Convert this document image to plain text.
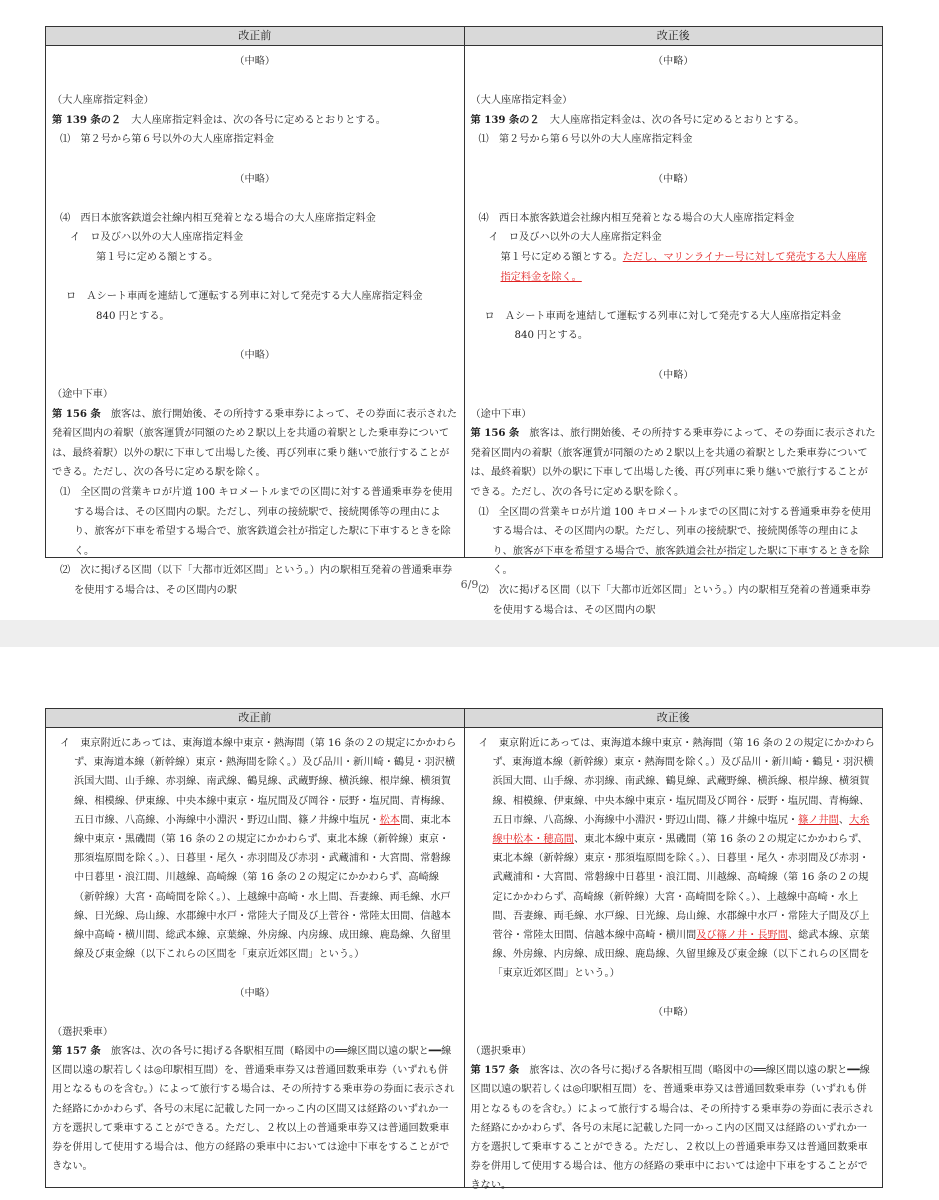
改正前	改正後
（中略）
（大人座席指定料金）
第 139 条の２　 大人座席指定料金は、次の各号に定めるとおりとする。
⑴　第２号から第６号以外の大人座席指定料金
（中略）
⑷　西日本旅客鉄道会社線内相互発着となる場合の大人座席指定料金
イ　ロ及びハ以外の大人座席指定料金
第１号に定める額とする。
ロ　Ａシート車両を連結して運転する列車に対して発売する大人座席指定料金
840 円とする。
（中略）
（途中下車）
第 156 条　 旅客は、旅行開始後、その所持する乗車券によって、その券面に表示された発着区間内の着駅（旅客運賃が同額のため２駅以上を共通の着駅とした乗車券については、最終着駅）以外の駅に下車して出場した後、再び列車に乗り継いで旅行することができる。ただし、次の各号に定める駅を除く。
⑴　全区間の営業キロが片道 100 キロメートルまでの区間に対する普通乗車券を使用する場合は、その区間内の駅。ただし、列車の接続駅で、接続関係等の理由により、旅客が下車を希望する場合で、旅客鉄道会社が指定した駅に下車するときを除く。
⑵　次に掲げる区間（以下「大都市近郊区間」という。）内の駅相互発着の普通乗車券を使用する場合は、その区間内の駅
（中略）
（大人座席指定料金）
第 139 条の２　 大人座席指定料金は、次の各号に定めるとおりとする。
⑴　第２号から第６号以外の大人座席指定料金
（中略）
⑷　西日本旅客鉄道会社線内相互発着となる場合の大人座席指定料金
イ　ロ及びハ以外の大人座席指定料金
第１号に定める額とする。ただし、マリンライナー号に対して発売する大人座席指定料金を除く。
ロ　Ａシート車両を連結して運転する列車に対して発売する大人座席指定料金
840 円とする。
（中略）
（途中下車）
第 156 条　 旅客は、旅行開始後、その所持する乗車券によって、その券面に表示された発着区間内の着駅（旅客運賃が同額のため２駅以上を共通の着駅とした乗車券については、最終着駅）以外の駅に下車して出場した後、再び列車に乗り継いで旅行することができる。ただし、次の各号に定める駅を除く。
⑴　全区間の営業キロが片道 100 キロメートルまでの区間に対する普通乗車券を使用する場合は、その区間内の駅。ただし、列車の接続駅で、接続関係等の理由により、旅客が下車を希望する場合で、旅客鉄道会社が指定した駅に下車するときを除く。
⑵　次に掲げる区間（以下「大都市近郊区間」という。）内の駅相互発着の普通乗車券を使用する場合は、その区間内の駅
6/9
改正前	改正後
イ　東京附近にあっては、東海道本線中東京・熱海間（第 16 条の２の規定にかかわらず、東海道本線（新幹線）東京・熱海間を除く。）及び品川・新川崎・鶴見・羽沢横浜国大間、山手線、赤羽線、南武線、鶴見線、武蔵野線、横浜線、根岸線、横須賀線、相模線、伊東線、中央本線中東京・塩尻間及び岡谷・辰野・塩尻間、青梅線、五日市線、八高線、小海線中小淵沢・野辺山間、篠ノ井線中塩尻・松本間、東北本線中東京・黒磯間（第 16 条の２の規定にかかわらず、東北本線（新幹線）東京・那須塩原間を除く。）、日暮里・尾久・赤羽間及び赤羽・武蔵浦和・大宮間、常磐線中日暮里・浪江間、川越線、高崎線（第 16 条の２の規定にかかわらず、高崎線（新幹線）大宮・高崎間を除く。）、上越線中高崎・水上間、吾妻線、両毛線、水戸線、日光線、烏山線、水郡線中水戸・常陸大子間及び上菅谷・常陸太田間、信越本線中高崎・横川間、総武本線、京葉線、外房線、内房線、成田線、鹿島線、久留里線及び東金線（以下これらの区間を「東京近郊区間」という。）
（中略）
（選択乗車）
第 157 条　 旅客は、次の各号に掲げる各駅相互間（略図中の══線区間以遠の駅と━━線区間以遠の駅若しくは◎印駅相互間）を、普通乗車券又は普通回数乗車券（いずれも併用となるものを含む。）によって旅行する場合は、その所持する乗車券の券面に表示された経路にかかわらず、各号の末尾に記載した同一かっこ内の区間又は経路のいずれか一方を選択して乗車することができる。ただし、２枚以上の普通乗車券又は普通回数乗車券を併用して使用する場合は、他方の経路の乗車中においては途中下車をすることができない。
イ　東京附近にあっては、東海道本線中東京・熱海間（第 16 条の２の規定にかかわらず、東海道本線（新幹線）東京・熱海間を除く。）及び品川・新川崎・鶴見・羽沢横浜国大間、山手線、赤羽線、南武線、鶴見線、武蔵野線、横浜線、根岸線、横須賀線、相模線、伊東線、中央本線中東京・塩尻間及び岡谷・辰野・塩尻間、青梅線、五日市線、八高線、小海線中小淵沢・野辺山間、篠ノ井線中塩尻・篠ノ井間、大糸線中松本・穂高間、東北本線中東京・黒磯間（第 16 条の２の規定にかかわらず、東北本線（新幹線）東京・那須塩原間を除く。）、日暮里・尾久・赤羽間及び赤羽・武蔵浦和・大宮間、常磐線中日暮里・浪江間、川越線、高崎線（第 16 条の２の規定にかかわらず、高崎線（新幹線）大宮・高崎間を除く。）、上越線中高崎・水上間、吾妻線、両毛線、水戸線、日光線、烏山線、水郡線中水戸・常陸大子間及び上菅谷・常陸太田間、信越本線中高崎・横川間及び篠ノ井・長野間、総武本線、京葉線、外房線、内房線、成田線、鹿島線、久留里線及び東金線（以下これらの区間を「東京近郊区間」という。）
（中略）
（選択乗車）
第 157 条　 旅客は、次の各号に掲げる各駅相互間（略図中の══線区間以遠の駅と━━線区間以遠の駅若しくは◎印駅相互間）を、普通乗車券又は普通回数乗車券（いずれも併用となるものを含む。）によって旅行する場合は、その所持する乗車券の券面に表示された経路にかかわらず、各号の末尾に記載した同一かっこ内の区間又は経路のいずれか一方を選択して乗車することができる。ただし、２枚以上の普通乗車券又は普通回数乗車券を併用して使用する場合は、他方の経路の乗車中においては途中下車をすることができない。
